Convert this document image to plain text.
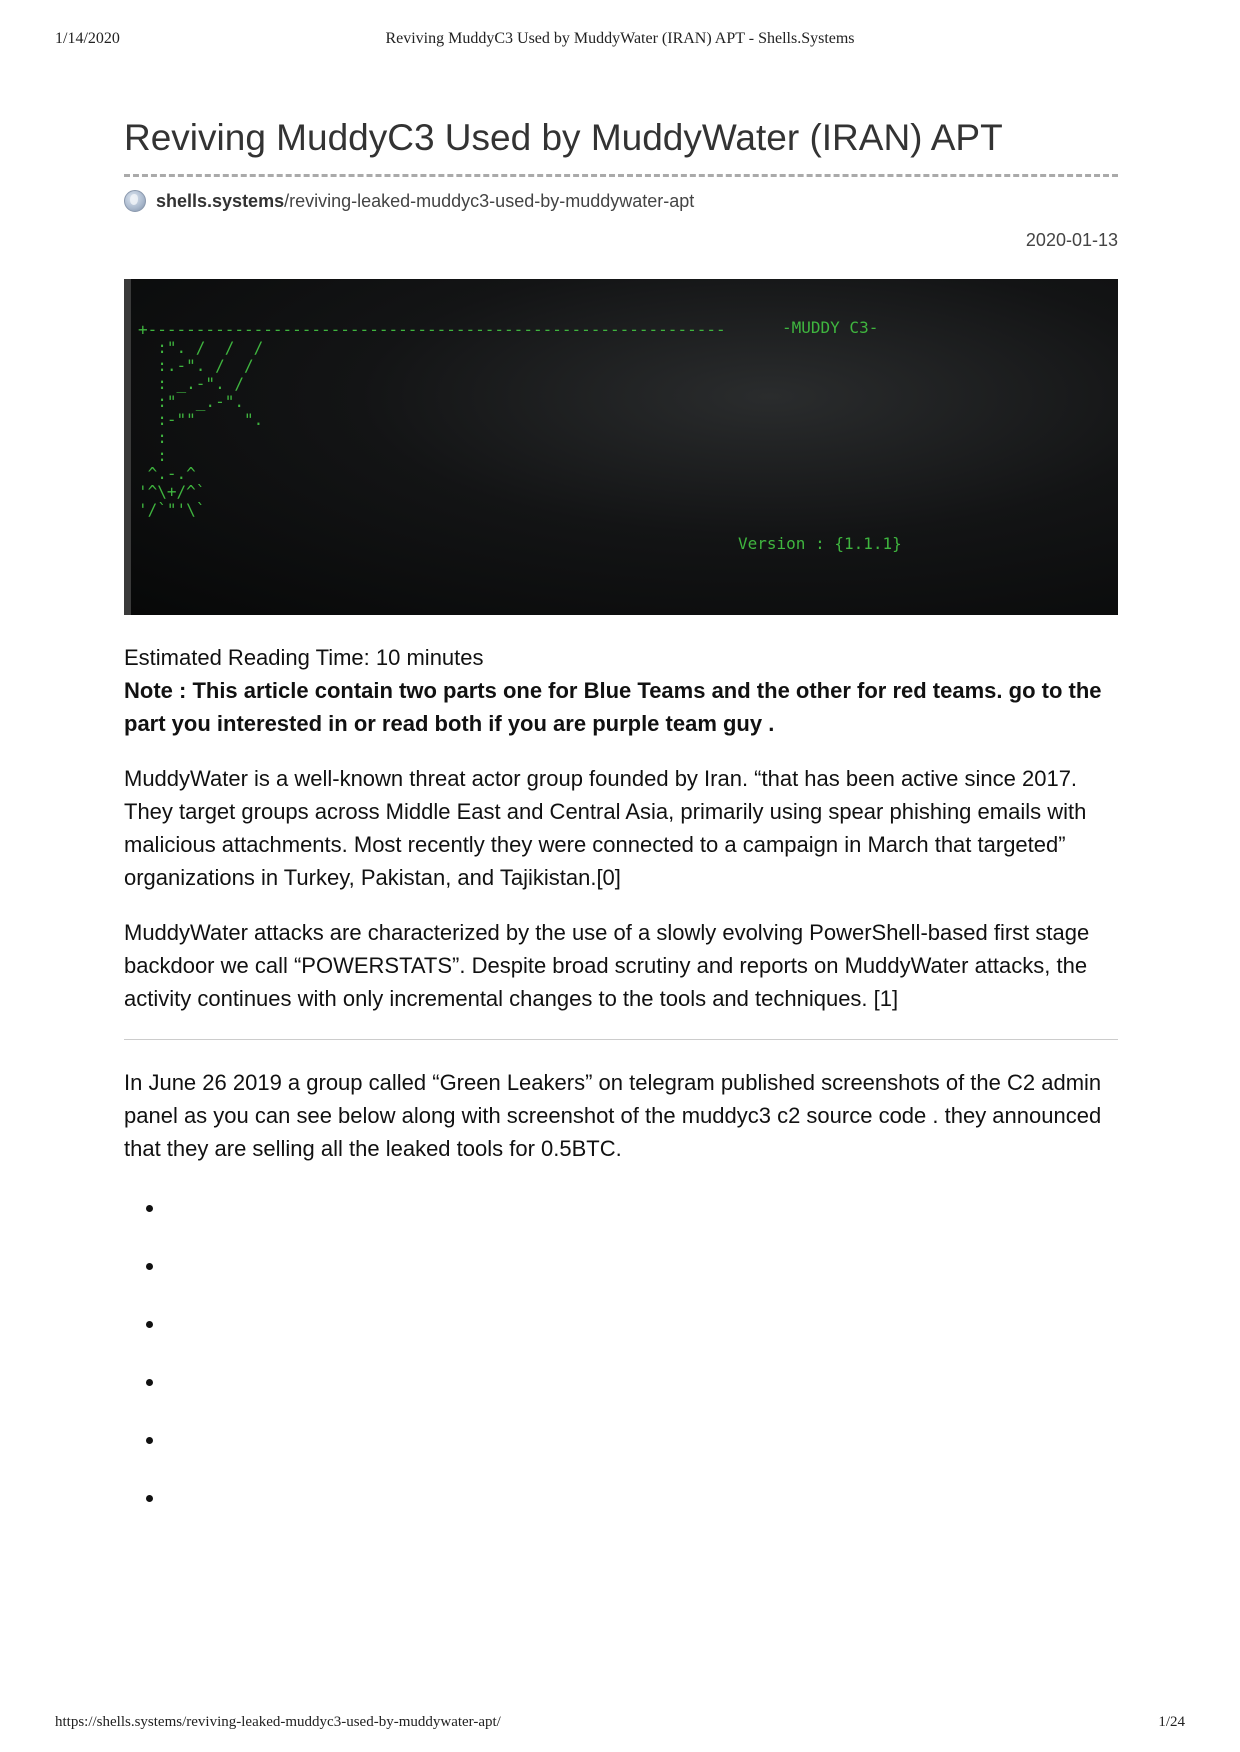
1/14/2020	Reviving MuddyC3 Used by MuddyWater (IRAN) APT - Shells.Systems
Reviving MuddyC3 Used by MuddyWater (IRAN) APT
shells.systems/reviving-leaked-muddyc3-used-by-muddywater-apt
2020-01-13
+------------------------------------------------------------
:". /  /  /
:.-". /  /
: _.-". /
:"  _.-".
:-""     ".
:
:
^.-.^
'^\+/^`
'/`"'\`
-MUDDY C3-
Version : {1.1.1}
Estimated Reading Time: 10 minutes

Note : This article contain two parts one for Blue Teams and the other for red teams. go to the part you interested in or read both if you are purple team guy .

MuddyWater is a well-known threat actor group founded by Iran. “that has been active since 2017. They target groups across Middle East and Central Asia, primarily using spear phishing emails with malicious attachments. Most recently they were connected to a campaign in March that targeted” organizations in Turkey, Pakistan, and Tajikistan.[0]

MuddyWater attacks are characterized by the use of a slowly evolving PowerShell-based first stage backdoor we call “POWERSTATS”. Despite broad scrutiny and reports on MuddyWater attacks, the activity continues with only incremental changes to the tools and techniques. [1]

In June 26 2019 a group called “Green Leakers” on telegram published screenshots of the C2 admin panel as you can see below along with screenshot of the muddyc3 c2 source code . they announced that they are selling all the leaked tools for 0.5BTC.

•
•
•
•
•
•
https://shells.systems/reviving-leaked-muddyc3-used-by-muddywater-apt/	1/24
